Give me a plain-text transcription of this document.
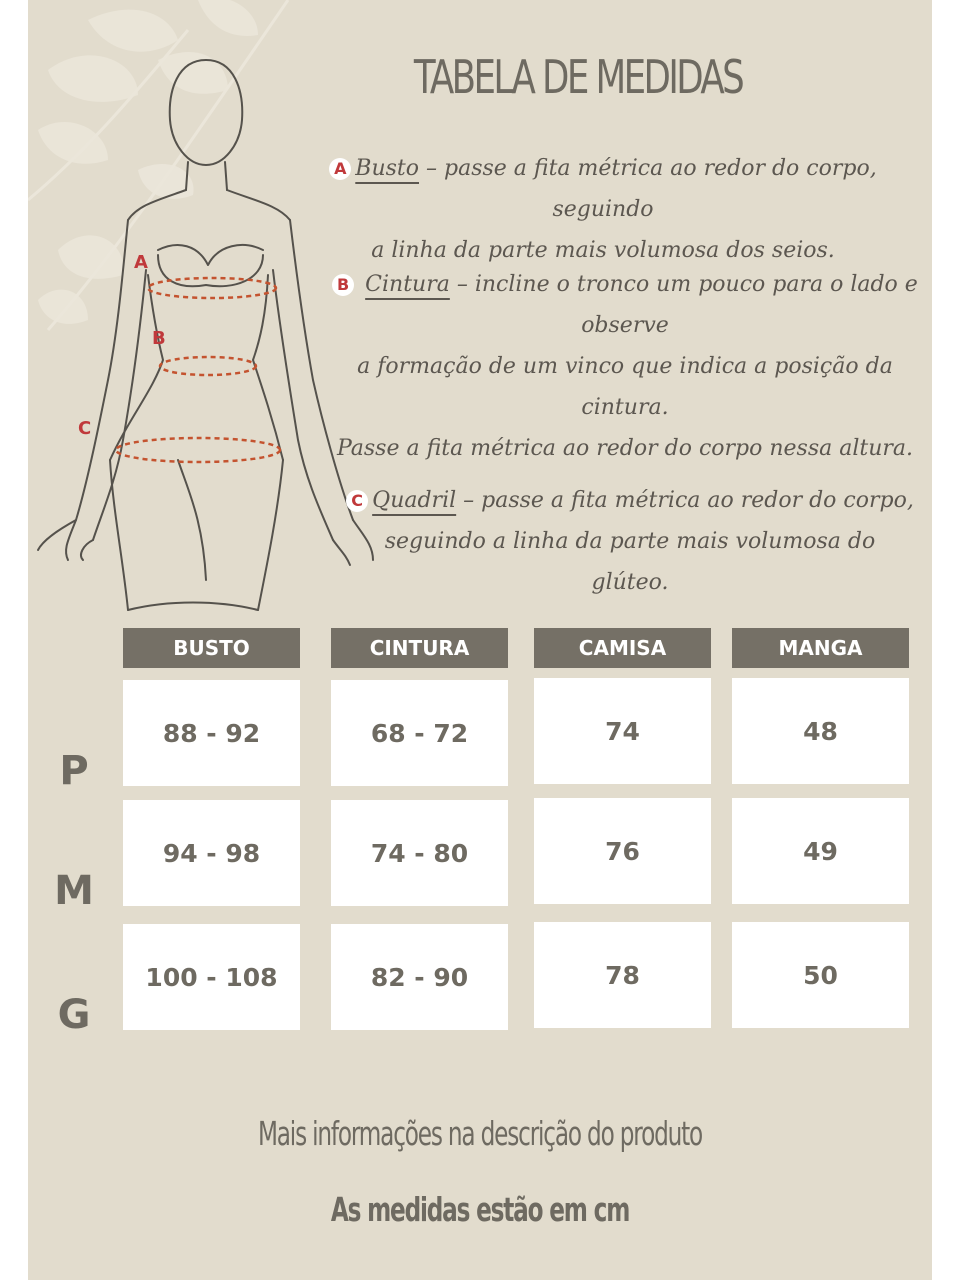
A
B
C
TABELA DE MEDIDAS
A Busto – passe a fita métrica ao redor do corpo, seguindo
a linha da parte mais volumosa dos seios.
B Cintura – incline o tronco um pouco para o lado e
observe
a formação de um vinco que indica a posição da cintura.
Passe a fita métrica ao redor do corpo nessa altura.
C Quadril – passe a fita métrica ao redor do corpo,
seguindo a linha da parte mais volumosa do
glúteo.
BUSTO	CINTURA	CAMISA	MANGA
P
88 - 92	68 - 72	74	48
M
94 - 98	74 - 80	76	49
G
100 - 108	82 - 90	78	50
Mais informações na descrição do produto
As medidas estão em cm
